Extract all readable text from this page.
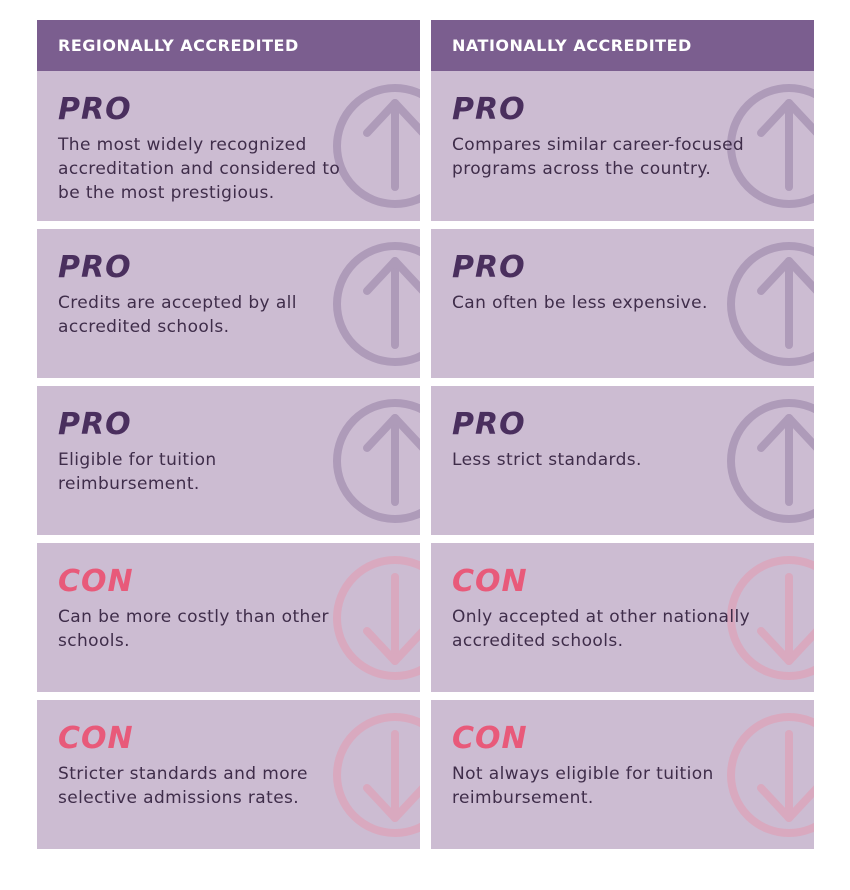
REGIONALLY ACCREDITED
PRO
The most widely recognized accreditation and considered to be the most prestigious.
PRO
Credits are accepted by all accredited schools.
PRO
Eligible for tuition reimbursement.
CON
Can be more costly than other schools.
CON
Stricter standards and more selective admissions rates.
NATIONALLY ACCREDITED
PRO
Compares similar career-focused programs across the country.
PRO
Can often be less expensive.
PRO
Less strict standards.
CON
Only accepted at other nationally accredited schools.
CON
Not always eligible for tuition reimbursement.
